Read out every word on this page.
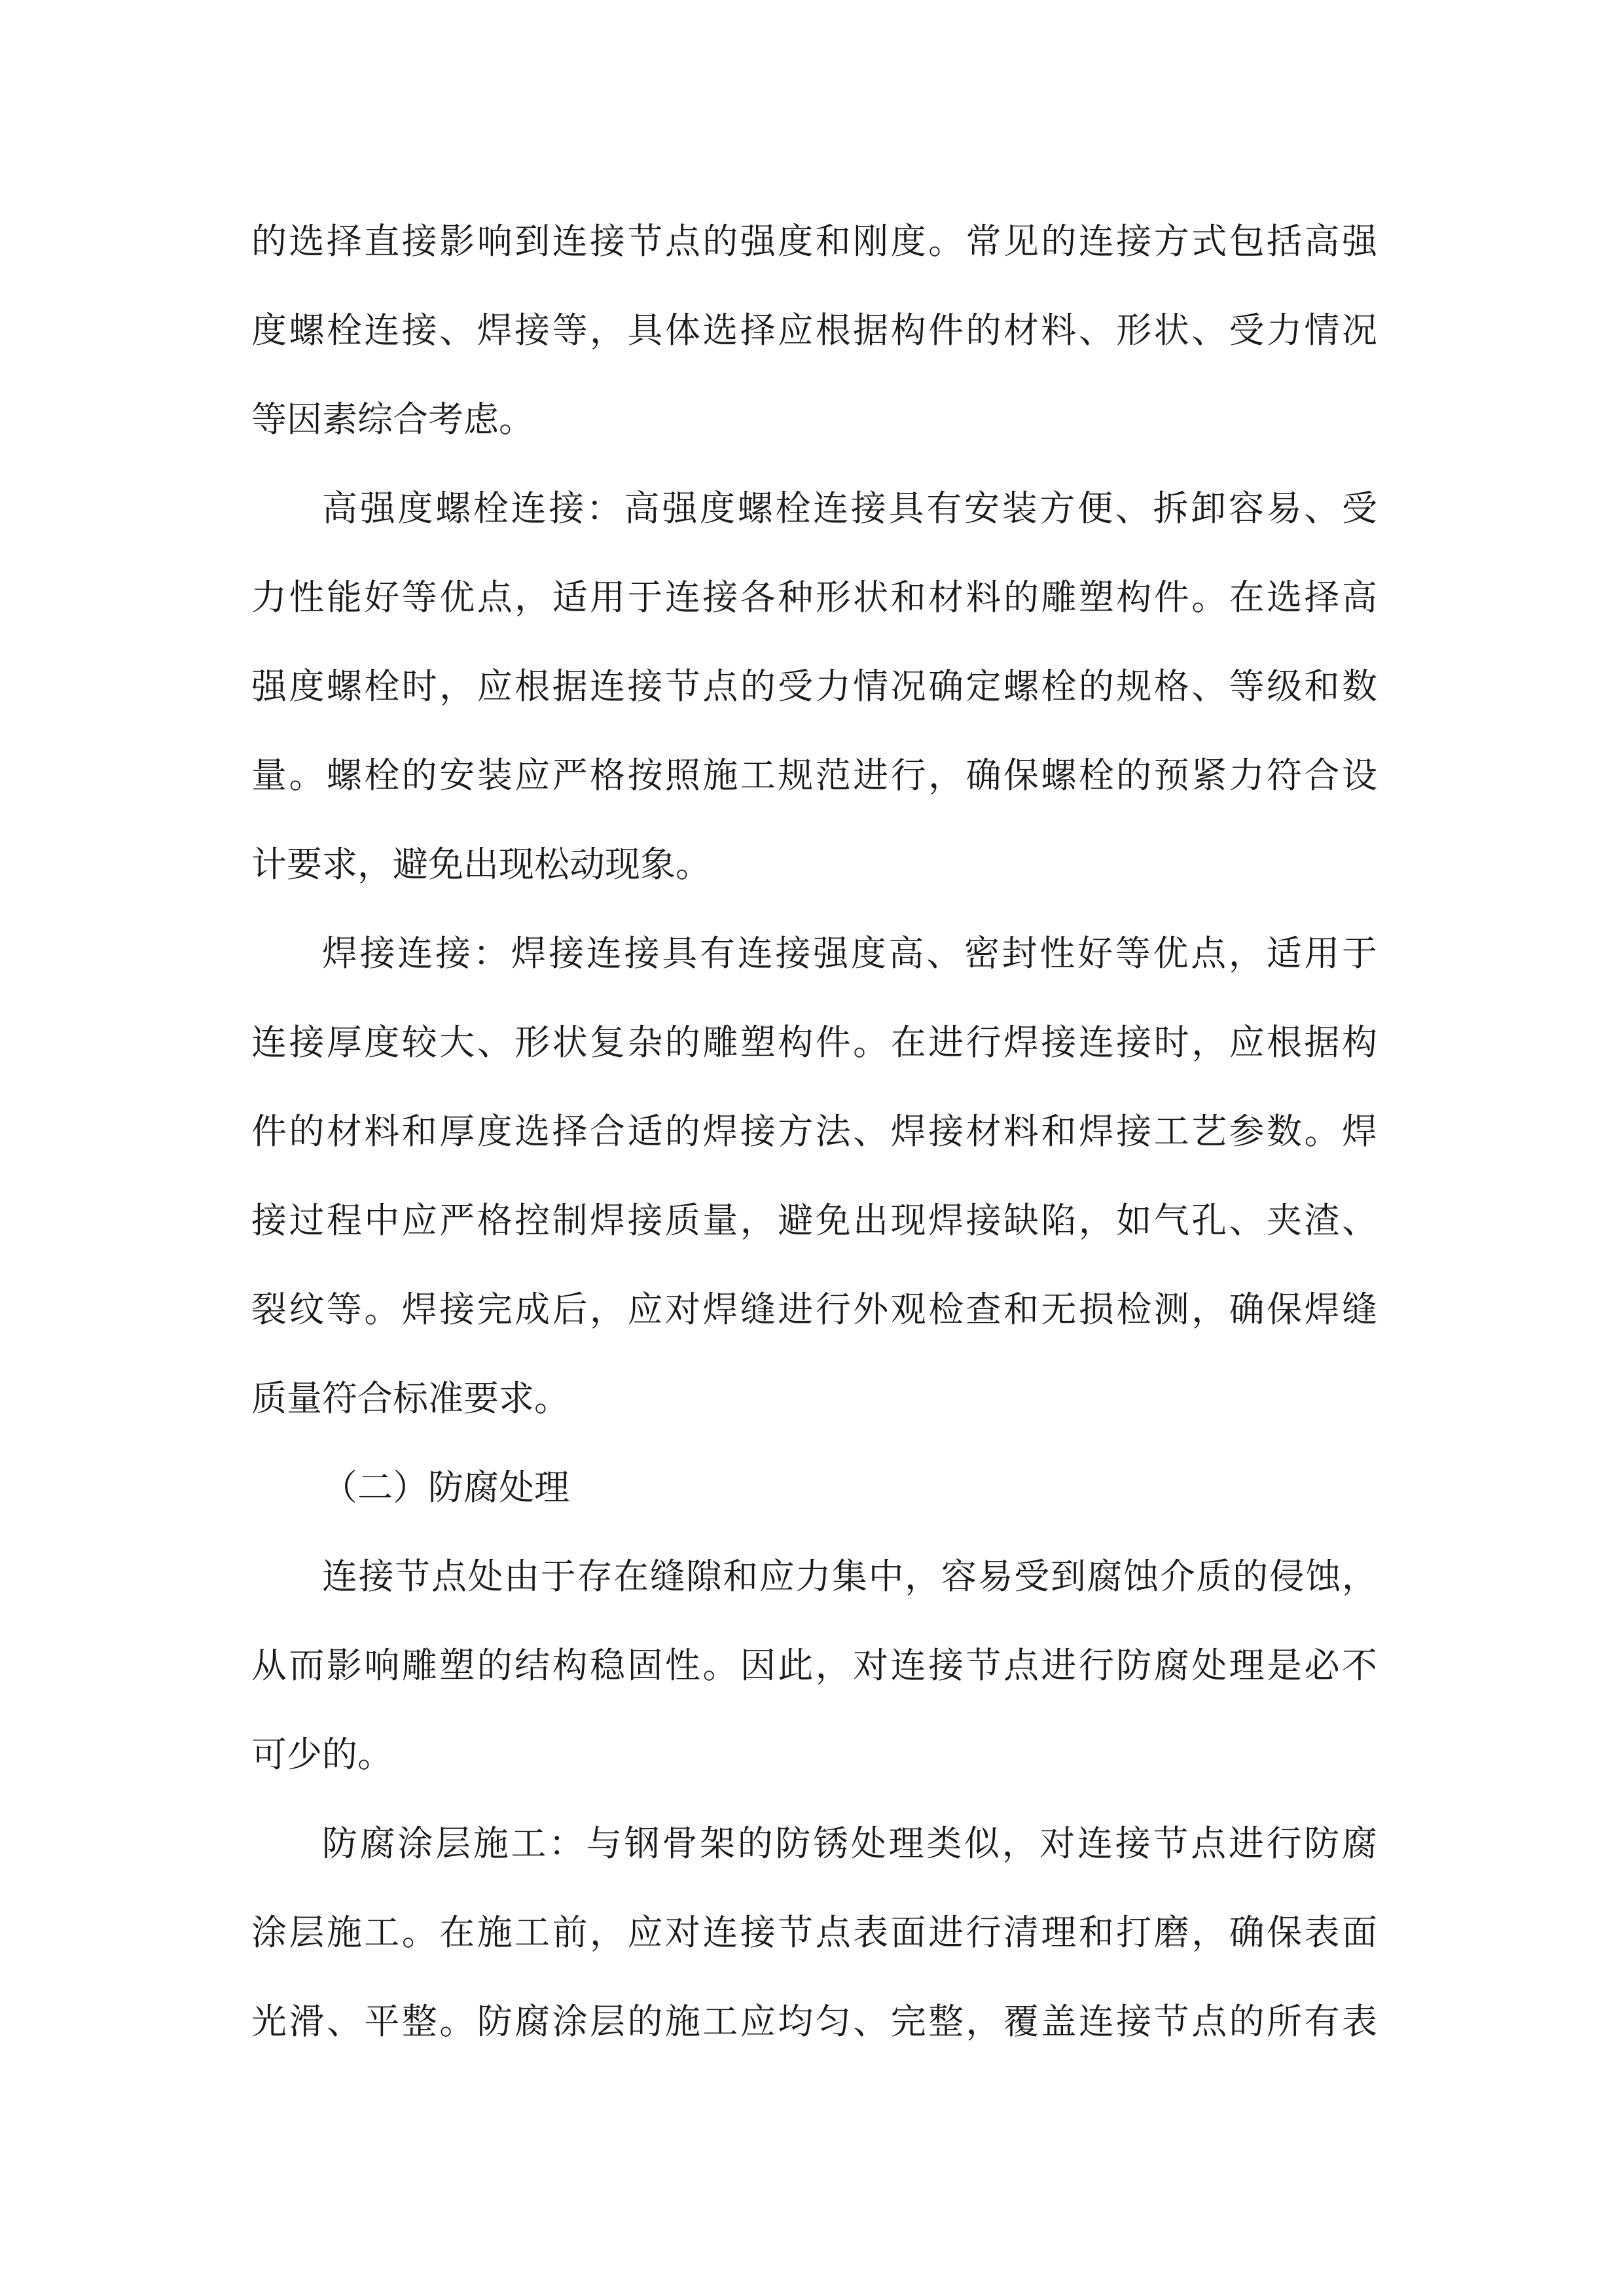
的选择直接影响到连接节点的强度和刚度。常见的连接方式包括高强

度螺栓连接、焊接等，具体选择应根据构件的材料、形状、受力情况

等因素综合考虑。

高强度螺栓连接：高强度螺栓连接具有安装方便、拆卸容易、受

力性能好等优点，适用于连接各种形状和材料的雕塑构件。在选择高

强度螺栓时，应根据连接节点的受力情况确定螺栓的规格、等级和数

量。螺栓的安装应严格按照施工规范进行，确保螺栓的预紧力符合设

计要求，避免出现松动现象。

焊接连接：焊接连接具有连接强度高、密封性好等优点，适用于

连接厚度较大、形状复杂的雕塑构件。在进行焊接连接时，应根据构

件的材料和厚度选择合适的焊接方法、焊接材料和焊接工艺参数。焊

接过程中应严格控制焊接质量，避免出现焊接缺陷，如气孔、夹渣、

裂纹等。焊接完成后，应对焊缝进行外观检查和无损检测，确保焊缝

质量符合标准要求。

（二）防腐处理

连接节点处由于存在缝隙和应力集中，容易受到腐蚀介质的侵蚀，

从而影响雕塑的结构稳固性。因此，对连接节点进行防腐处理是必不

可少的。

防腐涂层施工：与钢骨架的防锈处理类似，对连接节点进行防腐

涂层施工。在施工前，应对连接节点表面进行清理和打磨，确保表面

光滑、平整。防腐涂层的施工应均匀、完整，覆盖连接节点的所有表
